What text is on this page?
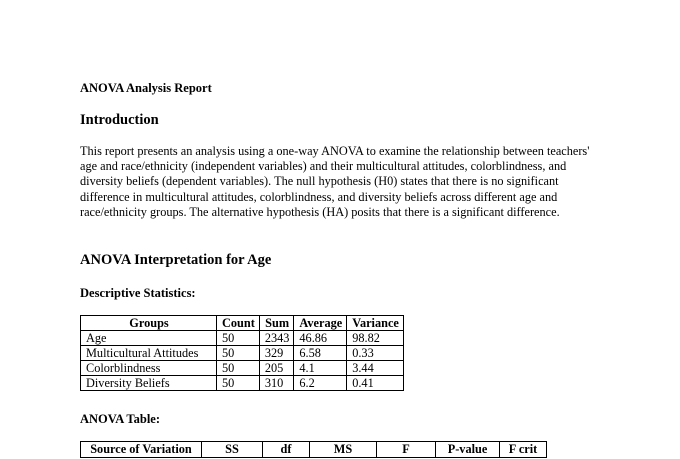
ANOVA Analysis Report
Introduction
This report presents an analysis using a one-way ANOVA to examine the relationship between teachers' age and race/ethnicity (independent variables) and their multicultural attitudes, colorblindness, and diversity beliefs (dependent variables). The null hypothesis (H0) states that there is no significant difference in multicultural attitudes, colorblindness, and diversity beliefs across different age and race/ethnicity groups. The alternative hypothesis (HA) posits that there is a significant difference.
ANOVA Interpretation for Age
Descriptive Statistics:
Groups	Count	Sum	Average	Variance
Age	50	2343	46.86	98.82
Multicultural Attitudes	50	329	6.58	0.33
Colorblindness	50	205	4.1	3.44
Diversity Beliefs	50	310	6.2	0.41
ANOVA Table:
Source of Variation	SS	df	MS	F	P-value	F crit
